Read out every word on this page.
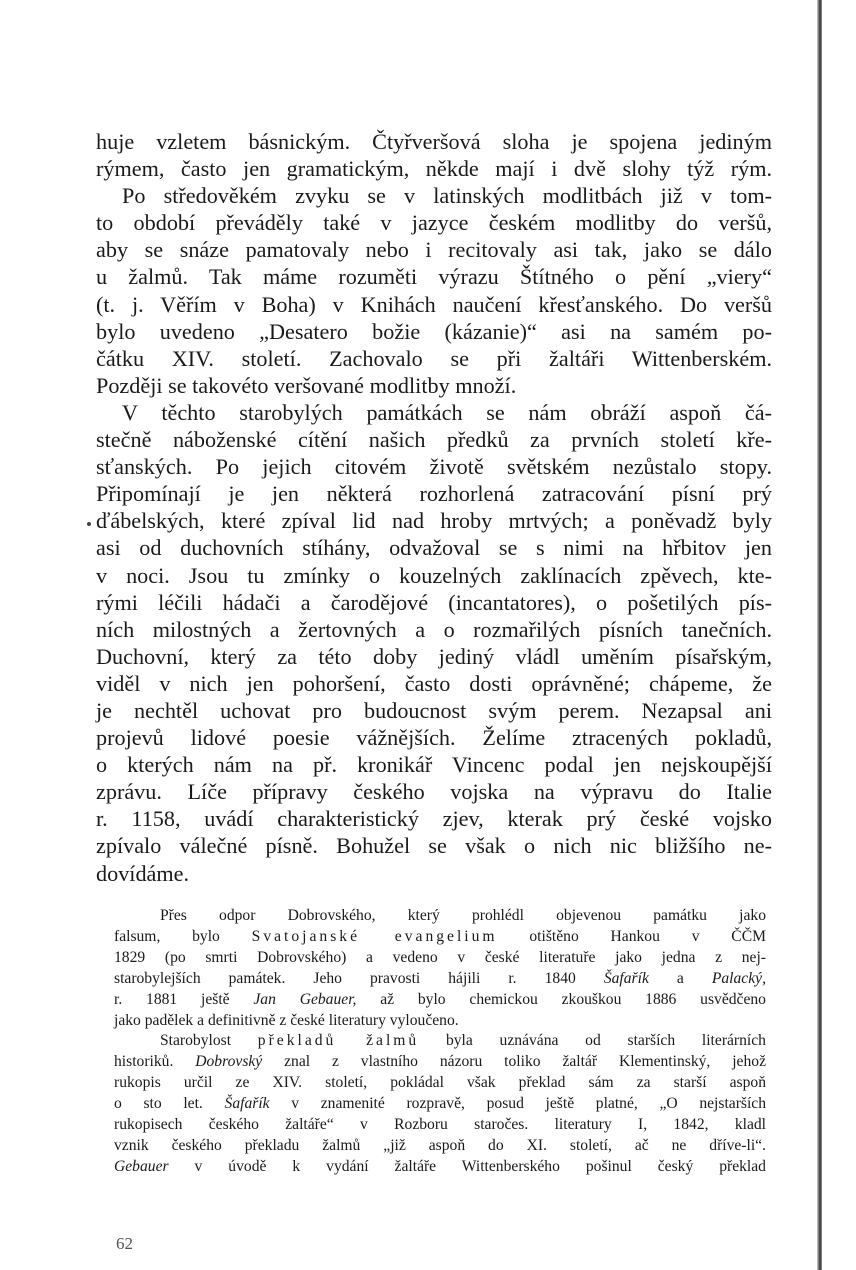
huje vzletem básnickým. Čtyřveršová sloha je spojena jediným
rýmem, často jen gramatickým, někde mají i dvě slohy týž rým.
Po středověkém zvyku se v latinských modlitbách již v tom-
to období převáděly také v jazyce českém modlitby do veršů,
aby se snáze pamatovaly nebo i recitovaly asi tak, jako se dálo
u žalmů. Tak máme rozuměti výrazu Štítného o pění „viery“
(t. j. Věřím v Boha) v Knihách naučení křesťanského. Do veršů
bylo uvedeno „Desatero božie (kázanie)“ asi na samém po-
čátku XIV. století. Zachovalo se při žaltáři Wittenberském.
Později se takovéto veršované modlitby množí.
V těchto starobylých památkách se nám obráží aspoň čá-
stečně náboženské cítění našich předků za prvních století křе-
sťanských. Po jejich citovém životě světském nezůstalo stopy.
Připomínají je jen některá rozhorlená zatracování písní prý
ďábelských, které zpíval lid nad hroby mrtvých; a poněvadž byly
asi od duchovních stíhány, odvažoval se s nimi na hřbitov jen
v noci. Jsou tu zmínky o kouzelných zaklínacích zpěvech, kte-
rými léčili hádači a čarodějové (incantatores), o pošetilých pís-
ních milostných a žertovných a o rozmařilých písních tanečních.
Duchovní, který za této doby jediný vládl uměním písařským,
viděl v nich jen pohoršení, často dosti oprávněné; chápeme, že
je nechtěl uchovat pro budoucnost svým perem. Nezapsal ani
projevů lidové poesie vážnějších. Želíme ztracených pokladů,
o kterých nám na př. kronikář Vincenc podal jen nejskoupější
zprávu. Líče přípravy českého vojska na výpravu do Italie
r. 1158, uvádí charakteristický zjev, kterak prý české vojsko
zpívalo válečné písně. Bohužel se však o nich nic bližšího ne-
dovídáme.
Přes odpor Dobrovského, který prohlédl objevenou památku jako
falsum, bylo Svatojanské evangelium otištěno Hankou v ČČM
1829 (po smrti Dobrovského) a vedeno v české literatuře jako jedna z nej-
starobylejších památek. Jeho pravosti hájili r. 1840 Šafařík a Palacký,
r. 1881 ještě Jan Gebauer, až bylo chemickou zkouškou 1886 usvědčeno
jako padělek a definitivně z české literatury vyloučeno.
Starobylost překladů žalmů byla uznávána od starších literárních
historiků. Dobrovský znal z vlastního názoru toliko žaltář Klementinský, jehož
rukopis určil ze XIV. století, pokládal však překlad sám za starší aspoň
o sto let. Šafařík v znamenité rozpravě, posud ještě platné, „O nejstarších
rukopisech českého žaltáře“ v Rozboru staročes. literatury I, 1842, kladl
vznik českého překladu žalmů „již aspoň do XI. století, ač ne dříve-li“.
Gebauer v úvodě k vydání žaltáře Wittenberského pošinul český překlad
62
